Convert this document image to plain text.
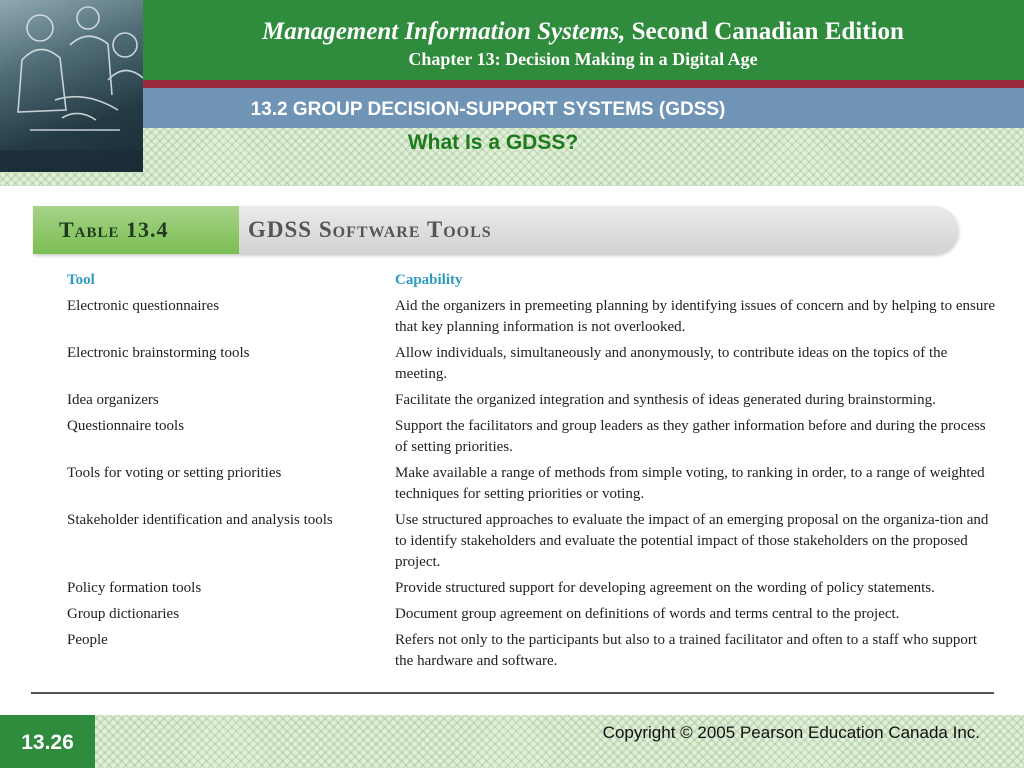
Management Information Systems, Second Canadian Edition
Chapter 13: Decision Making in a Digital Age
13.2 GROUP DECISION-SUPPORT SYSTEMS (GDSS)
What Is a GDSS?
Table 13.4	GDSS Software Tools
Tool	Capability
Electronic questionnaires	Aid the organizers in premeeting planning by identifying issues of concern and by helping to ensure that key planning information is not overlooked.
Electronic brainstorming tools	Allow individuals, simultaneously and anonymously, to contribute ideas on the topics of the meeting.
Idea organizers	Facilitate the organized integration and synthesis of ideas generated during brainstorming.
Questionnaire tools	Support the facilitators and group leaders as they gather information before and during the process of setting priorities.
Tools for voting or setting priorities	Make available a range of methods from simple voting, to ranking in order, to a range of weighted techniques for setting priorities or voting.
Stakeholder identification and analysis tools	Use structured approaches to evaluate the impact of an emerging proposal on the organiza-tion and to identify stakeholders and evaluate the potential impact of those stakeholders on the proposed project.
Policy formation tools	Provide structured support for developing agreement on the wording of policy statements.
Group dictionaries	Document group agreement on definitions of words and terms central to the project.
People	Refers not only to the participants but also to a trained facilitator and often to a staff who support the hardware and software.
13.26	Copyright © 2005 Pearson Education Canada Inc.
